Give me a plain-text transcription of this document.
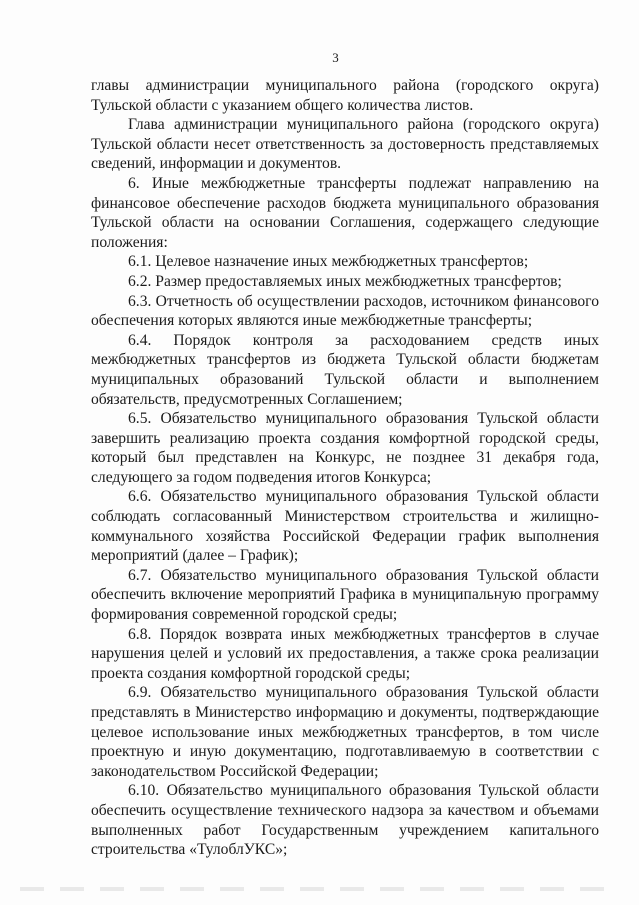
3

главы администрации муниципального района (городского округа) Тульской области с указанием общего количества листов.

Глава администрации муниципального района (городского округа) Тульской области несет ответственность за достоверность представляемых сведений, информации и документов.

6. Иные межбюджетные трансферты подлежат направлению на финансовое обеспечение расходов бюджета муниципального образования Тульской области на основании Соглашения, содержащего следующие положения:

6.1. Целевое назначение иных межбюджетных трансфертов;

6.2. Размер предоставляемых иных межбюджетных трансфертов;

6.3. Отчетность об осуществлении расходов, источником финансового обеспечения которых являются иные межбюджетные трансферты;

6.4. Порядок контроля за расходованием средств иных межбюджетных трансфертов из бюджета Тульской области бюджетам муниципальных образований Тульской области и выполнением обязательств, предусмотренных Соглашением;

6.5. Обязательство муниципального образования Тульской области завершить реализацию проекта создания комфортной городской среды, который был представлен на Конкурс, не позднее 31 декабря года, следующего за годом подведения итогов Конкурса;

6.6. Обязательство муниципального образования Тульской области соблюдать согласованный Министерством строительства и жилищно-коммунального хозяйства Российской Федерации график выполнения мероприятий (далее – График);

6.7. Обязательство муниципального образования Тульской области обеспечить включение мероприятий Графика в муниципальную программу формирования современной городской среды;

6.8. Порядок возврата иных межбюджетных трансфертов в случае нарушения целей и условий их предоставления, а также срока реализации проекта создания комфортной городской среды;

6.9. Обязательство муниципального образования Тульской области представлять в Министерство информацию и документы, подтверждающие целевое использование иных межбюджетных трансфертов, в том числе проектную и иную документацию, подготавливаемую в соответствии с законодательством Российской Федерации;

6.10. Обязательство муниципального образования Тульской области обеспечить осуществление технического надзора за качеством и объемами выполненных работ Государственным учреждением капитального строительства «ТулоблУКС»;
